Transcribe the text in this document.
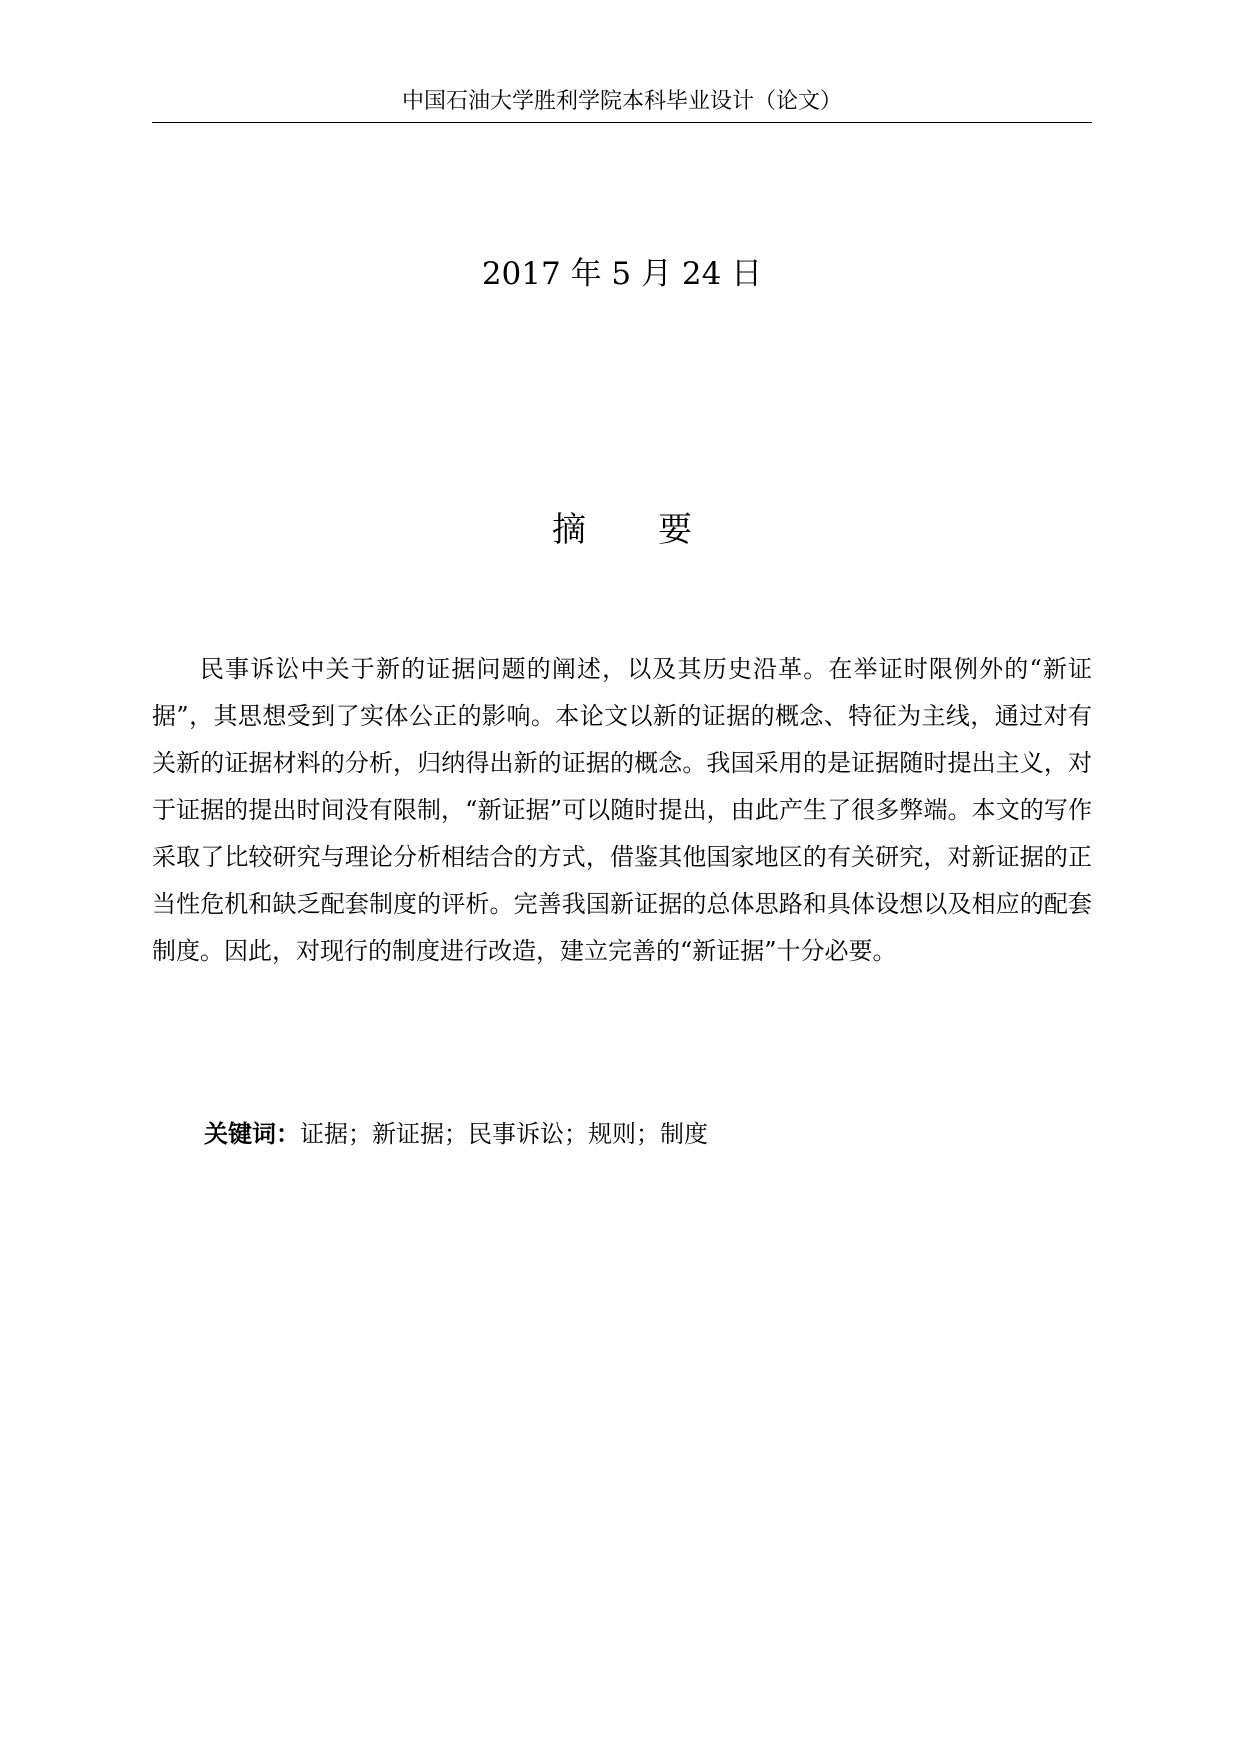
中国石油大学胜利学院本科毕业设计（论文）
2017 年 5 月 24 日
摘要

民事诉讼中关于新的证据问题的阐述，以及其历史沿革。在举证时限例外的“新证据”，其思想受到了实体公正的影响。本论文以新的证据的概念、特征为主线，通过对有关新的证据材料的分析，归纳得出新的证据的概念。我国采用的是证据随时提出主义，对于证据的提出时间没有限制，“新证据”可以随时提出，由此产生了很多弊端。本文的写作采取了比较研究与理论分析相结合的方式，借鉴其他国家地区的有关研究，对新证据的正当性危机和缺乏配套制度的评析。完善我国新证据的总体思路和具体设想以及相应的配套制度。因此，对现行的制度进行改造，建立完善的“新证据”十分必要。

关键词：证据；新证据；民事诉讼；规则；制度
